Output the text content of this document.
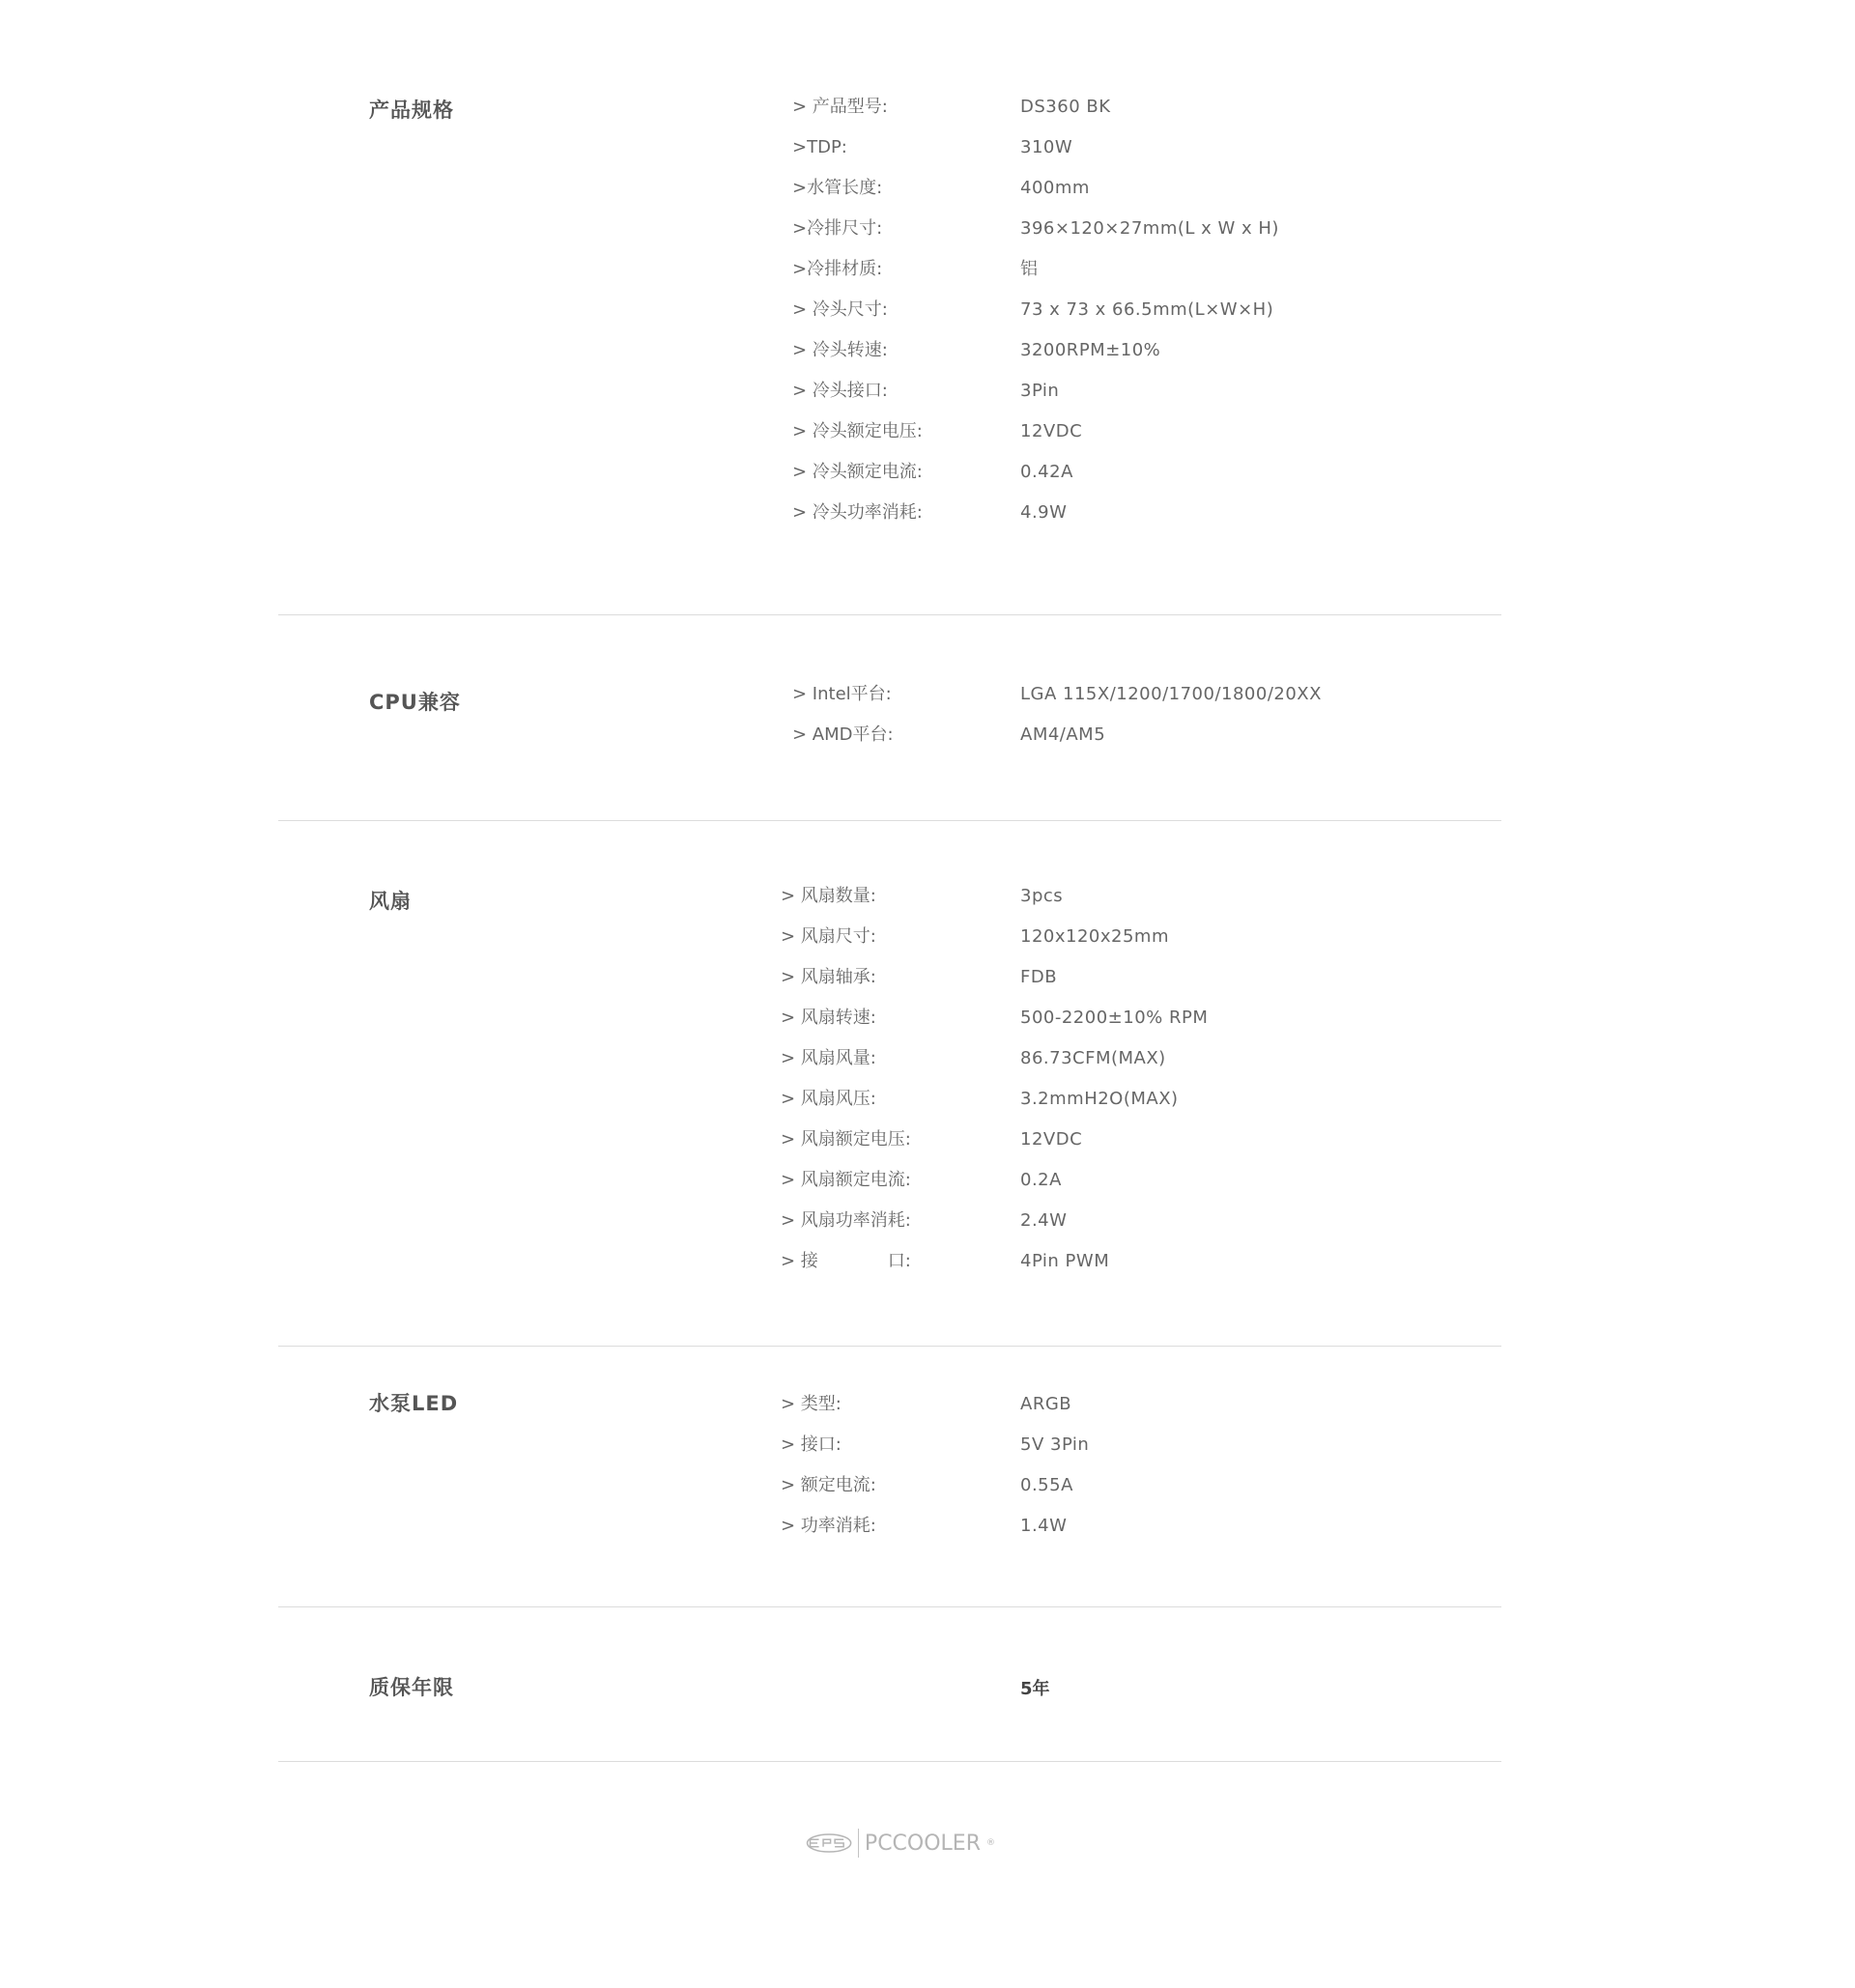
产品规格	> 产品型号:	DS360 BK
>TDP:	310W
>水管长度:	400mm
>冷排尺寸:	396×120×27mm(L x W x H)
>冷排材质:	铝
> 冷头尺寸:	73 x 73 x 66.5mm(L×W×H)
> 冷头转速:	3200RPM±10%
> 冷头接口:	3Pin
> 冷头额定电压:	12VDC
> 冷头额定电流:	0.42A
> 冷头功率消耗:	4.9W
CPU兼容	> Intel平台:	LGA 115X/1200/1700/1800/20XX
> AMD平台:	AM4/AM5
风扇	> 风扇数量:	3pcs
> 风扇尺寸:	120x120x25mm
> 风扇轴承:	FDB
> 风扇转速:	500-2200±10% RPM
> 风扇风量:	86.73CFM(MAX)
> 风扇风压:	3.2mmH2O(MAX)
> 风扇额定电压:	12VDC
> 风扇额定电流:	0.2A
> 风扇功率消耗:	2.4W
> 接　　　　口:	4Pin PWM
水泵LED	> 类型:	ARGB
> 接口:	5V 3Pin
> 额定电流:	0.55A
> 功率消耗:	1.4W
质保年限	5年
PCCOOLER ®
